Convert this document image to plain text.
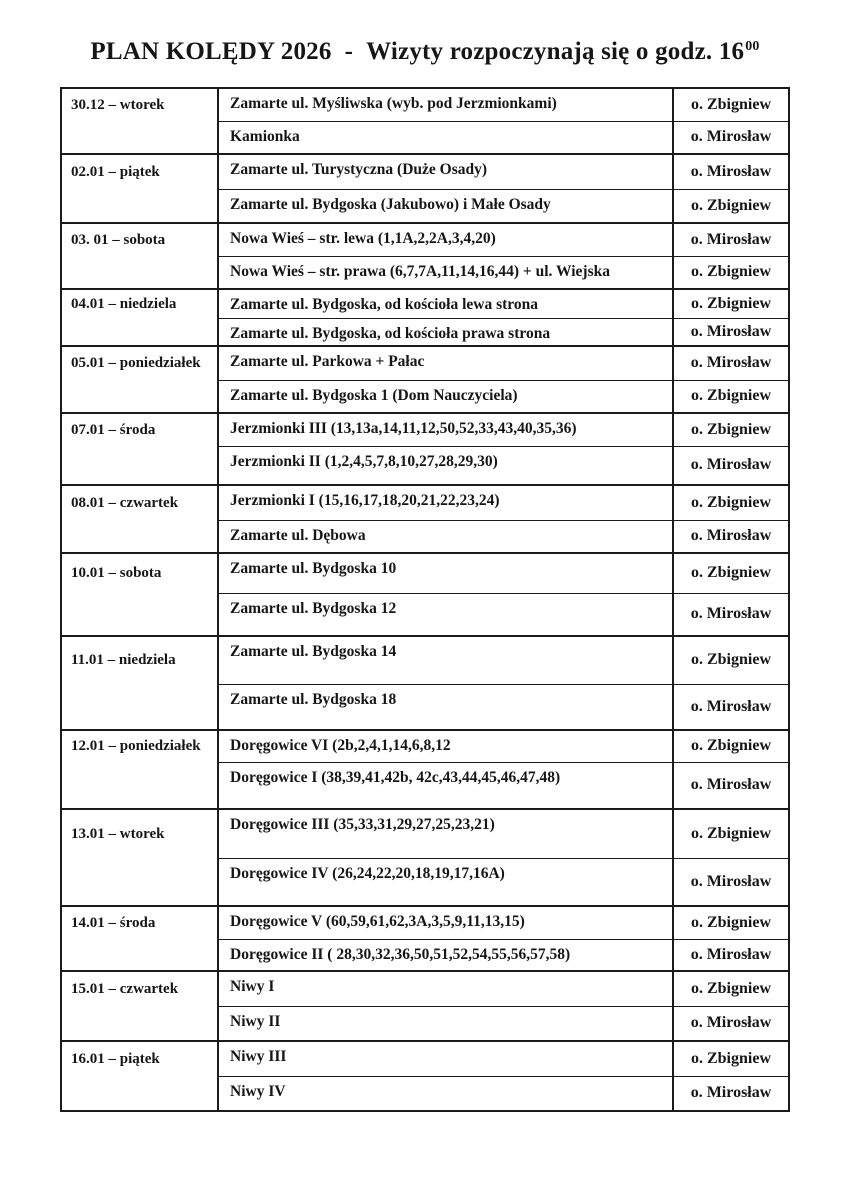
PLAN KOLĘDY 2026 - Wizyty rozpoczynają się o godz. $16^{00}$
30.12 – wtorek	Zamarte ul. Myśliwska (wyb. pod Jerzmionkami)	o. Zbigniew
	Kamionka	o. Mirosław
02.01 – piątek	Zamarte ul. Turystyczna (Duże Osady)	o. Mirosław
	Zamarte ul. Bydgoska (Jakubowo) i Małe Osady	o. Zbigniew
03. 01 – sobota	Nowa Wieś – str. lewa (1,1A,2,2A,3,4,20)	o. Mirosław
	Nowa Wieś – str. prawa (6,7,7A,11,14,16,44) + ul. Wiejska	o. Zbigniew
04.01 – niedziela	Zamarte ul. Bydgoska, od kościoła lewa strona	o. Zbigniew
	Zamarte ul. Bydgoska, od kościoła prawa strona	o. Mirosław
05.01 – poniedziałek	Zamarte ul. Parkowa + Pałac	o. Mirosław
	Zamarte ul. Bydgoska 1 (Dom Nauczyciela)	o. Zbigniew
07.01 – środa	Jerzmionki III (13,13a,14,11,12,50,52,33,43,40,35,36)	o. Zbigniew
	Jerzmionki II (1,2,4,5,7,8,10,27,28,29,30)	o. Mirosław
08.01 – czwartek	Jerzmionki I (15,16,17,18,20,21,22,23,24)	o. Zbigniew
	Zamarte ul. Dębowa	o. Mirosław
10.01 – sobota	Zamarte ul. Bydgoska 10	o. Zbigniew
	Zamarte ul. Bydgoska 12	o. Mirosław
11.01 – niedziela	Zamarte ul. Bydgoska 14	o. Zbigniew
	Zamarte ul. Bydgoska 18	o. Mirosław
12.01 – poniedziałek	Doręgowice VI (2b,2,4,1,14,6,8,12	o. Zbigniew
	Doręgowice I (38,39,41,42b, 42c,43,44,45,46,47,48)	o. Mirosław
13.01 – wtorek	Doręgowice III (35,33,31,29,27,25,23,21)	o. Zbigniew
	Doręgowice IV (26,24,22,20,18,19,17,16A)	o. Mirosław
14.01 – środa	Doręgowice V (60,59,61,62,3A,3,5,9,11,13,15)	o. Zbigniew
	Doręgowice II ( 28,30,32,36,50,51,52,54,55,56,57,58)	o. Mirosław
15.01 – czwartek	Niwy I	o. Zbigniew
	Niwy II	o. Mirosław
16.01 – piątek	Niwy III	o. Zbigniew
	Niwy IV	o. Mirosław
